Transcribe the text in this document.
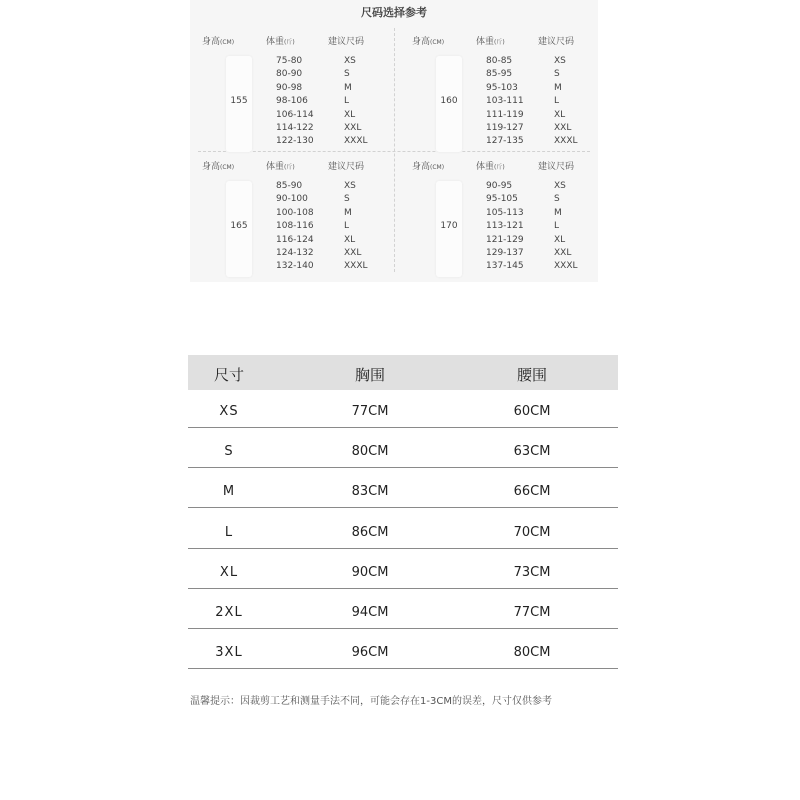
尺码选择参考
身高(CM)	体重(斤)	建议尺码
155
75-80	XS
80-90	S
90-98	M
98-106	L
106-114	XL
114-122	XXL
122-130	XXXL
身高(CM)	体重(斤)	建议尺码
160
80-85	XS
85-95	S
95-103	M
103-111	L
111-119	XL
119-127	XXL
127-135	XXXL
身高(CM)	体重(斤)	建议尺码
165
85-90	XS
90-100	S
100-108	M
108-116	L
116-124	XL
124-132	XXL
132-140	XXXL
身高(CM)	体重(斤)	建议尺码
170
90-95	XS
95-105	S
105-113	M
113-121	L
121-129	XL
129-137	XXL
137-145	XXXL
尺寸	胸围	腰围
XS	77CM	60CM
S	80CM	63CM
M	83CM	66CM
L	86CM	70CM
XL	90CM	73CM
2XL	94CM	77CM
3XL	96CM	80CM
温馨提示：因裁剪工艺和测量手法不同，可能会存在1-3CM的误差，尺寸仅供参考
